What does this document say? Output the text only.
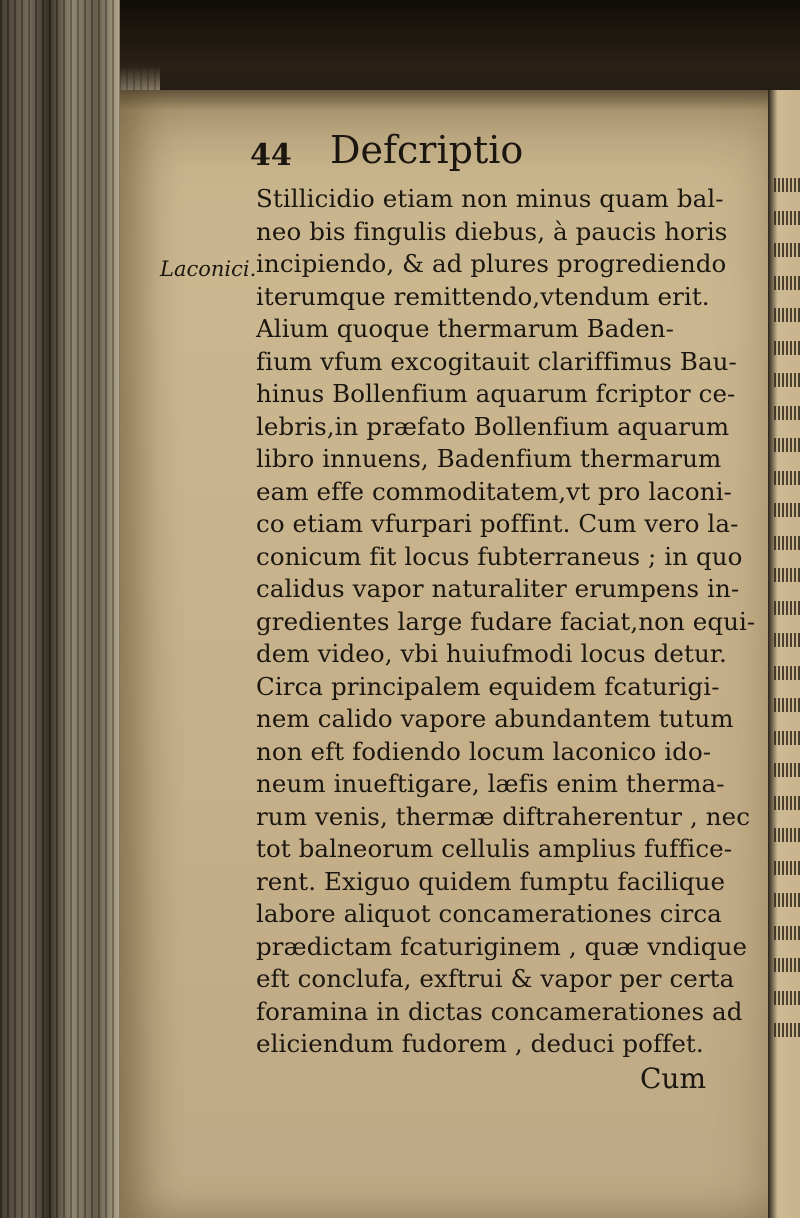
44 Defcriptio
Laconici.
Stillicidio etiam non minus quam bal-
neo bis fingulis diebus, à paucis horis
incipiendo, & ad plures progrediendo
iterumque remittendo,vtendum erit.
Alium quoque thermarum Baden-
fium vfum excogitauit clariffimus Bau-
hinus Bollenfium aquarum fcriptor ce-
lebris,in præfato Bollenfium aquarum
libro innuens, Badenfium thermarum
eam effe commoditatem,vt pro laconi-
co etiam vfurpari poffint. Cum vero la-
conicum fit locus fubterraneus ; in quo
calidus vapor naturaliter erumpens in-
gredientes large fudare faciat,non equi-
dem video, vbi huiufmodi locus detur.
Circa principalem equidem fcaturigi-
nem calido vapore abundantem tutum
non eft fodiendo locum laconico ido-
neum inueftigare, læfis enim therma-
rum venis, thermæ diftraherentur , nec
tot balneorum cellulis amplius fuffice-
rent. Exiguo quidem fumptu facilique
labore aliquot concamerationes circa
prædictam fcaturiginem , quæ vndique
eft conclufa, exftrui & vapor per certa
foramina in dictas concamerationes ad
eliciendum fudorem , deduci poffet.
Cum
